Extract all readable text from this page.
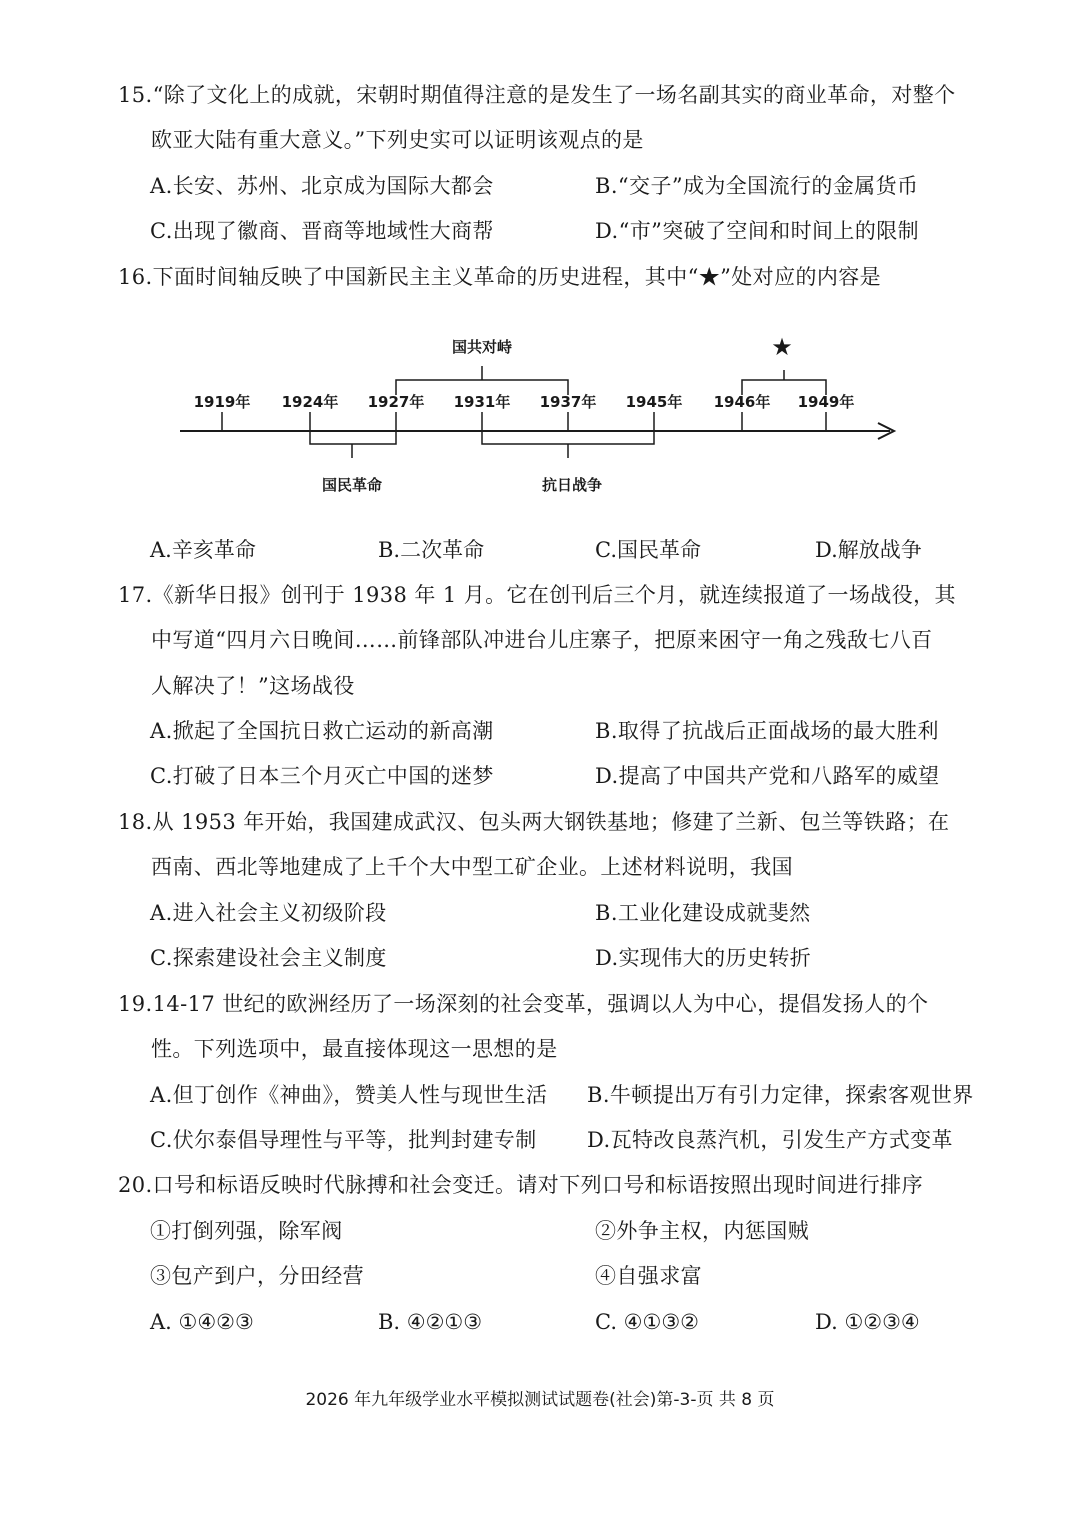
15.“除了文化上的成就，宋朝时期值得注意的是发生了一场名副其实的商业革命，对整个
欧亚大陆有重大意义。”下列史实可以证明该观点的是
A.长安、苏州、北京成为国际大都会	B.“交子”成为全国流行的金属货币
C.出现了徽商、晋商等地域性大商帮	D.“市”突破了空间和时间上的限制
16.下面时间轴反映了中国新民主主义革命的历史进程，其中“★”处对应的内容是
1919年 1924年 1927年 1931年 1937年 1945年 1946年 1949年
国共对峙	★
国民革命	抗日战争
A.辛亥革命	B.二次革命	C.国民革命	D.解放战争
17.《新华日报》创刊于 1938 年 1 月。它在创刊后三个月，就连续报道了一场战役，其
中写道“四月六日晚间……前锋部队冲进台儿庄寨子，把原来困守一角之残敌七八百
人解决了！”这场战役
A.掀起了全国抗日救亡运动的新高潮	B.取得了抗战后正面战场的最大胜利
C.打破了日本三个月灭亡中国的迷梦	D.提高了中国共产党和八路军的威望
18.从 1953 年开始，我国建成武汉、包头两大钢铁基地；修建了兰新、包兰等铁路；在
西南、西北等地建成了上千个大中型工矿企业。上述材料说明，我国
A.进入社会主义初级阶段	B.工业化建设成就斐然
C.探索建设社会主义制度	D.实现伟大的历史转折
19.14-17 世纪的欧洲经历了一场深刻的社会变革，强调以人为中心，提倡发扬人的个
性。下列选项中，最直接体现这一思想的是
A.但丁创作《神曲》，赞美人性与现世生活 B.牛顿提出万有引力定律，探索客观世界
C.伏尔泰倡导理性与平等，批判封建专制 D.瓦特改良蒸汽机，引发生产方式变革
20.口号和标语反映时代脉搏和社会变迁。请对下列口号和标语按照出现时间进行排序
①打倒列强，除军阀	②外争主权，内惩国贼
③包产到户，分田经营	④自强求富
A. ①④②③	B. ④②①③	C. ④①③②	D. ①②③④
2026 年九年级学业水平模拟测试试题卷(社会)第-3-页 共 8 页
